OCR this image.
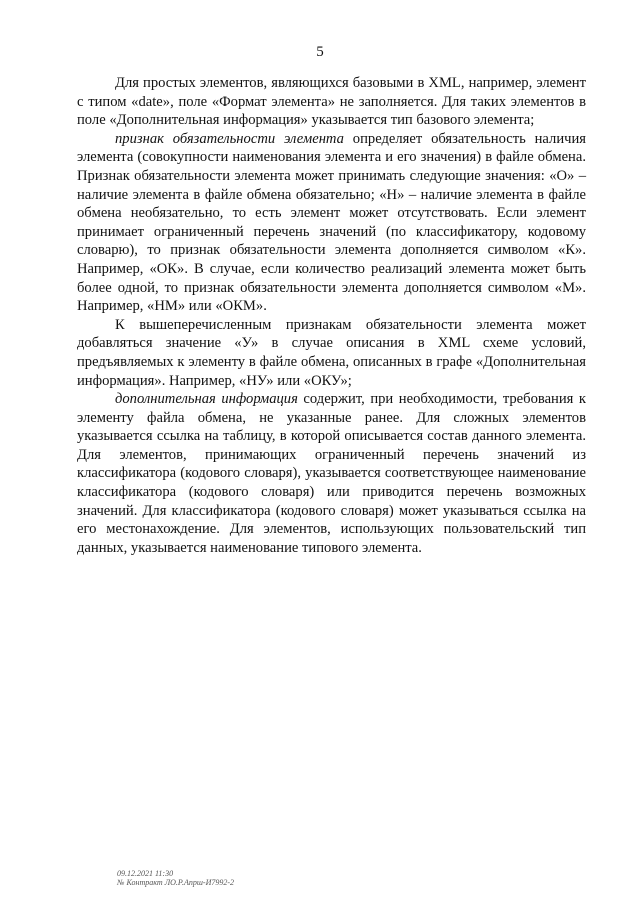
5

Для простых элементов, являющихся базовыми в XML, например, элемент с типом «date», поле «Формат элемента» не заполняется. Для таких элементов в поле «Дополнительная информация» указывается тип базового элемента;

признак обязательности элемента определяет обязательность наличия элемента (совокупности наименования элемента и его значения) в файле обмена. Признак обязательности элемента может принимать следующие значения: «О» – наличие элемента в файле обмена обязательно; «Н» – наличие элемента в файле обмена необязательно, то есть элемент может отсутствовать. Если элемент принимает ограниченный перечень значений (по классификатору, кодовому словарю), то признак обязательности элемента дополняется символом «К». Например, «ОК». В случае, если количество реализаций элемента может быть более одной, то признак обязательности элемента дополняется символом «М». Например, «НМ» или «ОКМ».

К вышеперечисленным признакам обязательности элемента может добавляться значение «У» в случае описания в XML схеме условий, предъявляемых к элементу в файле обмена, описанных в графе «Дополнительная информация». Например, «НУ» или «ОКУ»;

дополнительная информация содержит, при необходимости, требования к элементу файла обмена, не указанные ранее. Для сложных элементов указывается ссылка на таблицу, в которой описывается состав данного элемента. Для элементов, принимающих ограниченный перечень значений из классификатора (кодового словаря), указывается соответствующее наименование классификатора (кодового словаря) или приводится перечень возможных значений. Для классификатора (кодового словаря) может указываться ссылка на его местонахождение. Для элементов, использующих пользовательский тип данных, указывается наименование типового элемента.

09.12.2021 11:30
№ Контракт ЛО.Р.Апрш-И7992-2
